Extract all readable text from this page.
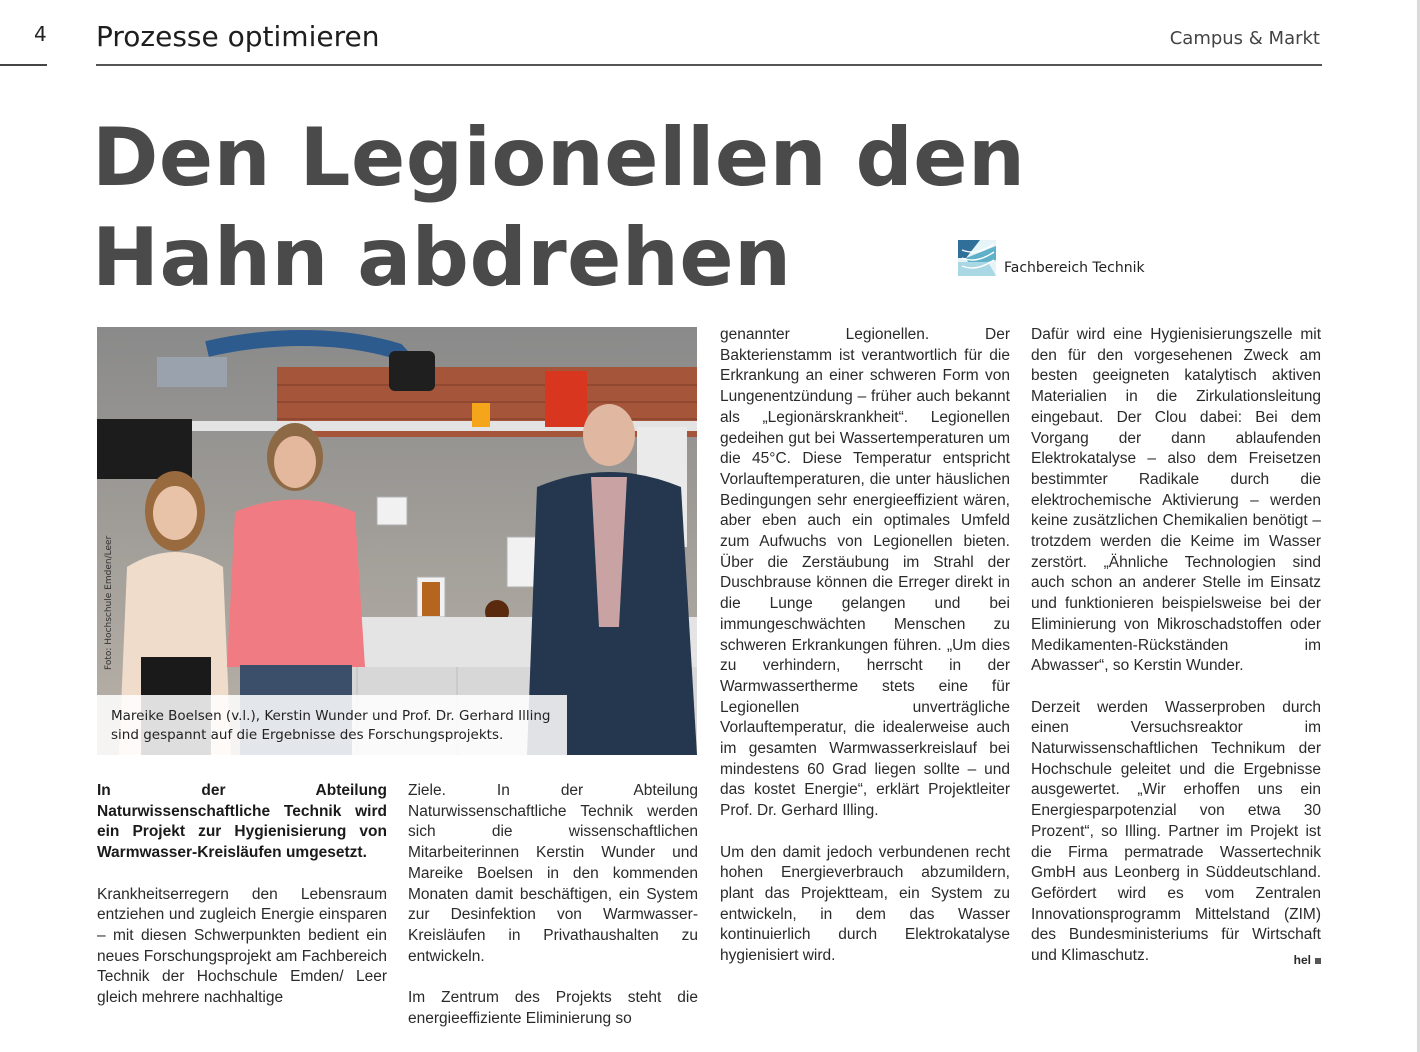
4 Prozesse optimieren	Campus & Markt
Den Legionellen den
Hahn abdrehen	Fachbereich Technik
Foto: Hochschule Emden/Leer
Mareike Boelsen (v.l.), Kerstin Wunder und Prof. Dr. Gerhard Illing sind gespannt auf die Ergebnisse des Forschungsprojekts.

In der Abteilung Naturwissenschaftliche Technik wird ein Projekt zur Hygienisierung von Warmwasser-Kreisläufen umgesetzt.

Krankheitserregern den Lebensraum entziehen und zugleich Energie einsparen – mit diesen Schwerpunkten bedient ein neues Forschungsprojekt am Fachbereich Technik der Hochschule Emden/ Leer gleich mehrere nachhaltige

Ziele. In der Abteilung Naturwissenschaftliche Technik werden sich die wissenschaftlichen Mitarbeiterinnen Kerstin Wunder und Mareike Boelsen in den kommenden Monaten damit beschäftigen, ein System zur Desinfektion von Warmwasser-Kreisläufen in Privathaushalten zu entwickeln.

Im Zentrum des Projekts steht die energieeffiziente Eliminierung so

genannter Legionellen. Der Bakterienstamm ist verantwortlich für die Erkrankung an einer schweren Form von Lungenentzündung – früher auch bekannt als „Legionärskrankheit“. Legionellen gedeihen gut bei Wassertemperaturen um die 45°C. Diese Temperatur entspricht Vorlauftemperaturen, die unter häuslichen Bedingungen sehr energieeffizient wären, aber eben auch ein optimales Umfeld zum Aufwuchs von Legionellen bieten. Über die Zerstäubung im Strahl der Duschbrause können die Erreger direkt in die Lunge gelangen und bei immungeschwächten Menschen zu schweren Erkrankungen führen. „Um dies zu verhindern, herrscht in der Warmwassertherme stets eine für Legionellen unverträgliche Vorlauftemperatur, die idealerweise auch im gesamten Warmwasserkreislauf bei mindestens 60 Grad liegen sollte – und das kostet Energie“, erklärt Projektleiter Prof. Dr. Gerhard Illing.

Um den damit jedoch verbundenen recht hohen Energieverbrauch abzumildern, plant das Projektteam, ein System zu entwickeln, in dem das Wasser kontinuierlich durch Elektrokatalyse hygienisiert wird.

Dafür wird eine Hygienisierungszelle mit den für den vorgesehenen Zweck am besten geeigneten katalytisch aktiven Materialien in die Zirkulationsleitung eingebaut. Der Clou dabei: Bei dem Vorgang der dann ablaufenden Elektrokatalyse – also dem Freisetzen bestimmter Radikale durch die elektrochemische Aktivierung – werden keine zusätzlichen Chemikalien benötigt – trotzdem werden die Keime im Wasser zerstört. „Ähnliche Technologien sind auch schon an anderer Stelle im Einsatz und funktionieren beispielsweise bei der Eliminierung von Mikroschadstoffen oder Medikamenten-Rückständen im Abwasser“, so Kerstin Wunder.

Derzeit werden Wasserproben durch einen Versuchsreaktor im Naturwissenschaftlichen Technikum der Hochschule geleitet und die Ergebnisse ausgewertet. „Wir erhoffen uns ein Energiesparpotenzial von etwa 30 Prozent“, so Illing. Partner im Projekt ist die Firma permatrade Wassertechnik GmbH aus Leonberg in Süddeutschland. Gefördert wird es vom Zentralen Innovationsprogramm Mittelstand (ZIM) des Bundesministeriums für Wirtschaft und Klimaschutz.	hel
